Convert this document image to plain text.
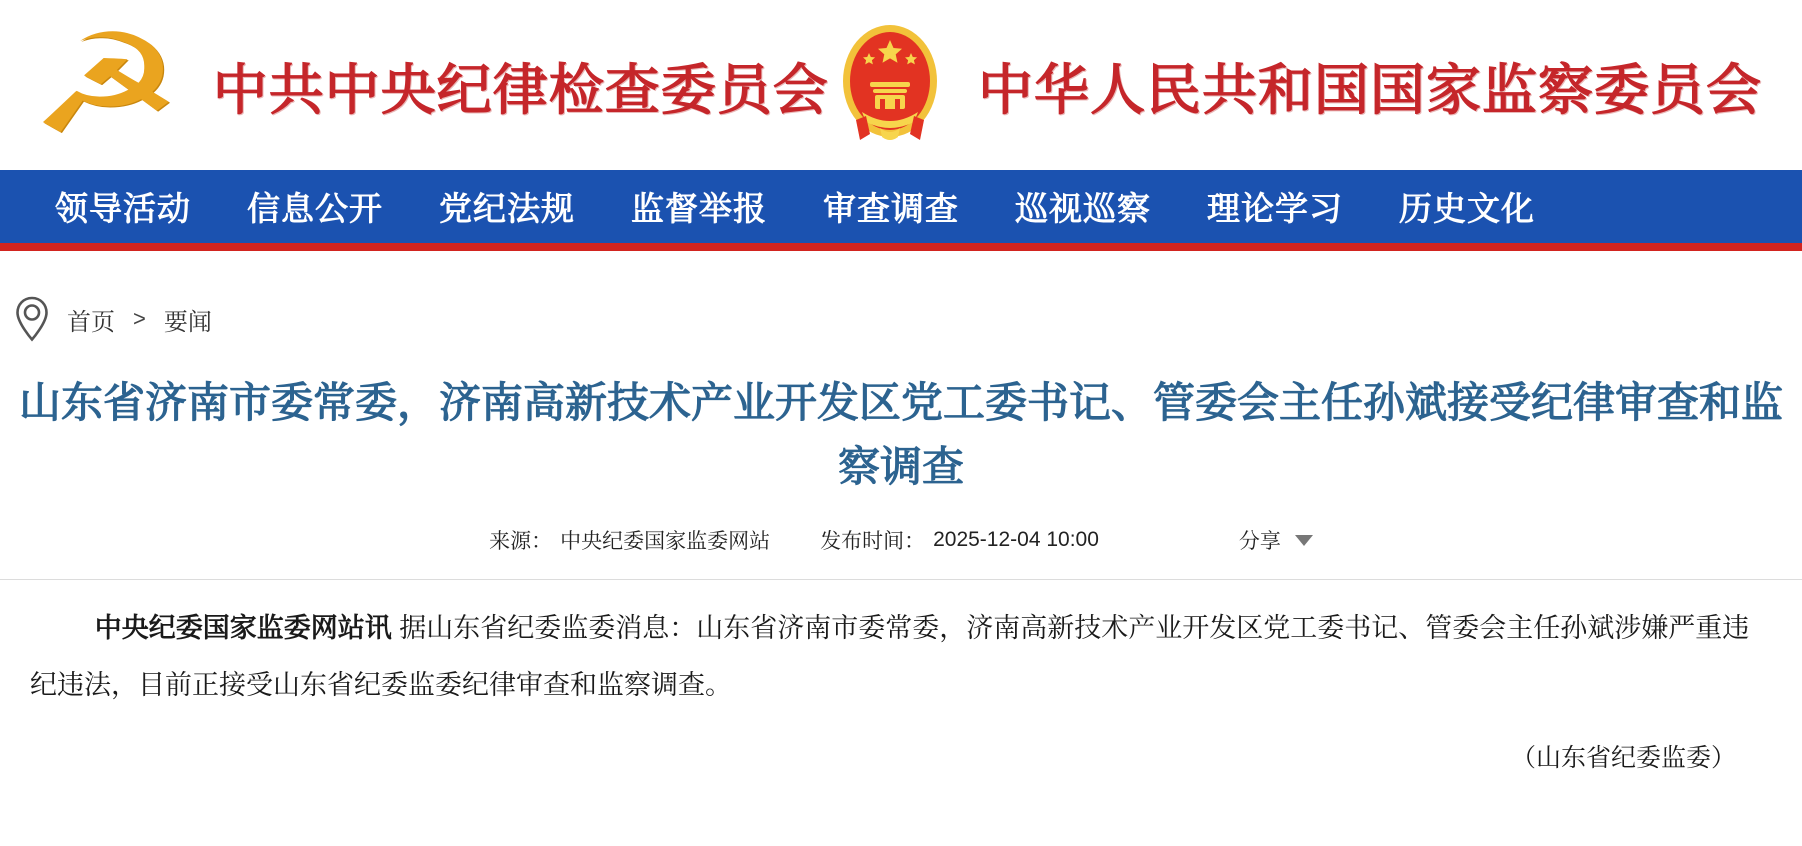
☭ 中共中央纪律检查委员会	中华人民共和国国家监察委员会
领导活动 信息公开 党纪法规 监督举报 审查调查 巡视巡察 理论学习 历史文化
首页 > 要闻
山东省济南市委常委，济南高新技术产业开发区党工委书记、管委会主任孙斌接受纪律审查和监察调查
来源： 中央纪委国家监委网站 发布时间： 2025-12-04 10:00	分享

中央纪委国家监委网站讯 据山东省纪委监委消息：山东省济南市委常委，济南高新技术产业开发区党工委书记、管委会主任孙斌涉嫌严重违纪违法，目前正接受山东省纪委监委纪律审查和监察调查。

（山东省纪委监委）
